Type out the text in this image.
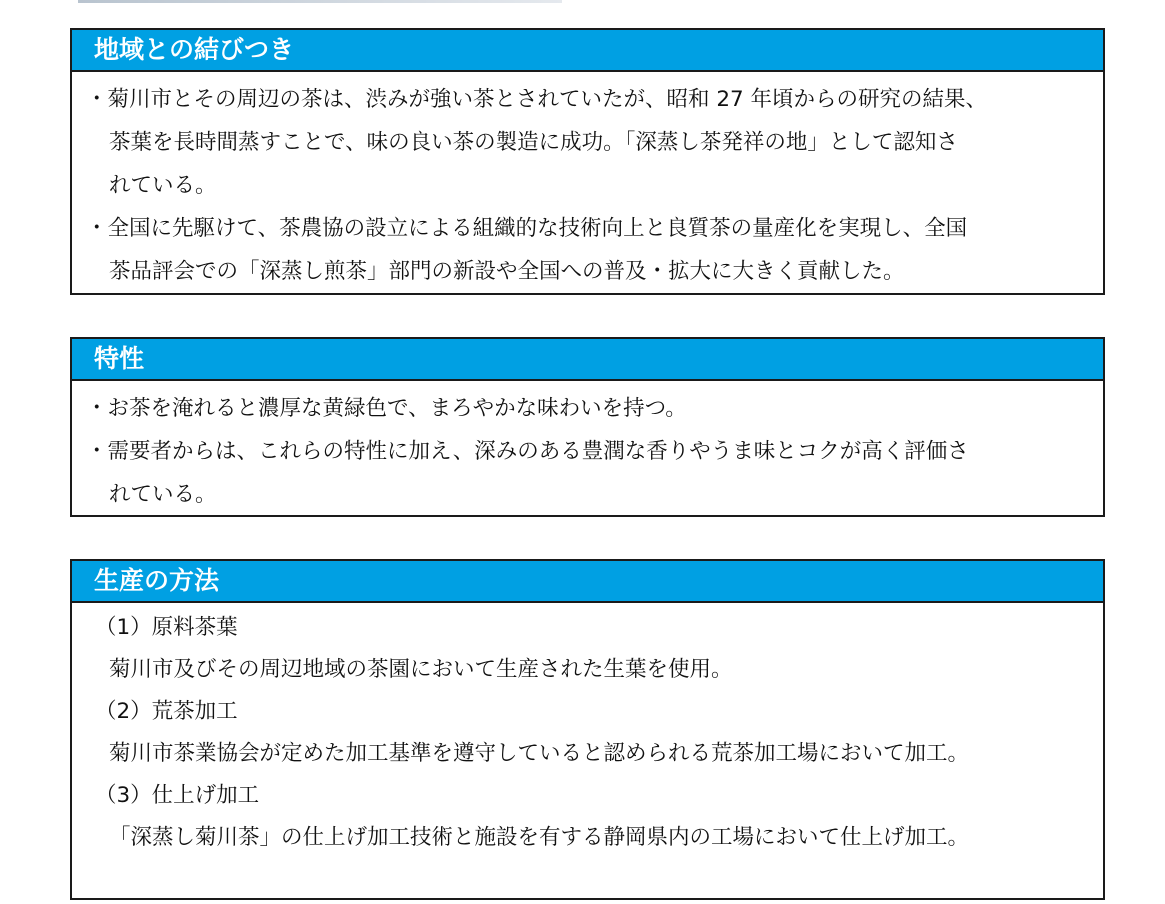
地域との結びつき
・菊川市とその周辺の茶は、渋みが強い茶とされていたが、昭和 27 年頃からの研究の結果、
茶葉を長時間蒸すことで、味の良い茶の製造に成功。「深蒸し茶発祥の地」として認知さ
れている。
・全国に先駆けて、茶農協の設立による組織的な技術向上と良質茶の量産化を実現し、全国
茶品評会での「深蒸し煎茶」部門の新設や全国への普及・拡大に大きく貢献した。
特性
・お茶を淹れると濃厚な黄緑色で、まろやかな味わいを持つ。
・需要者からは、これらの特性に加え、深みのある豊潤な香りやうま味とコクが高く評価さ
れている。
生産の方法
（1）原料茶葉
菊川市及びその周辺地域の茶園において生産された生葉を使用。
（2）荒茶加工
菊川市茶業協会が定めた加工基準を遵守していると認められる荒茶加工場において加工。
（3）仕上げ加工
「深蒸し菊川茶」の仕上げ加工技術と施設を有する静岡県内の工場において仕上げ加工。
